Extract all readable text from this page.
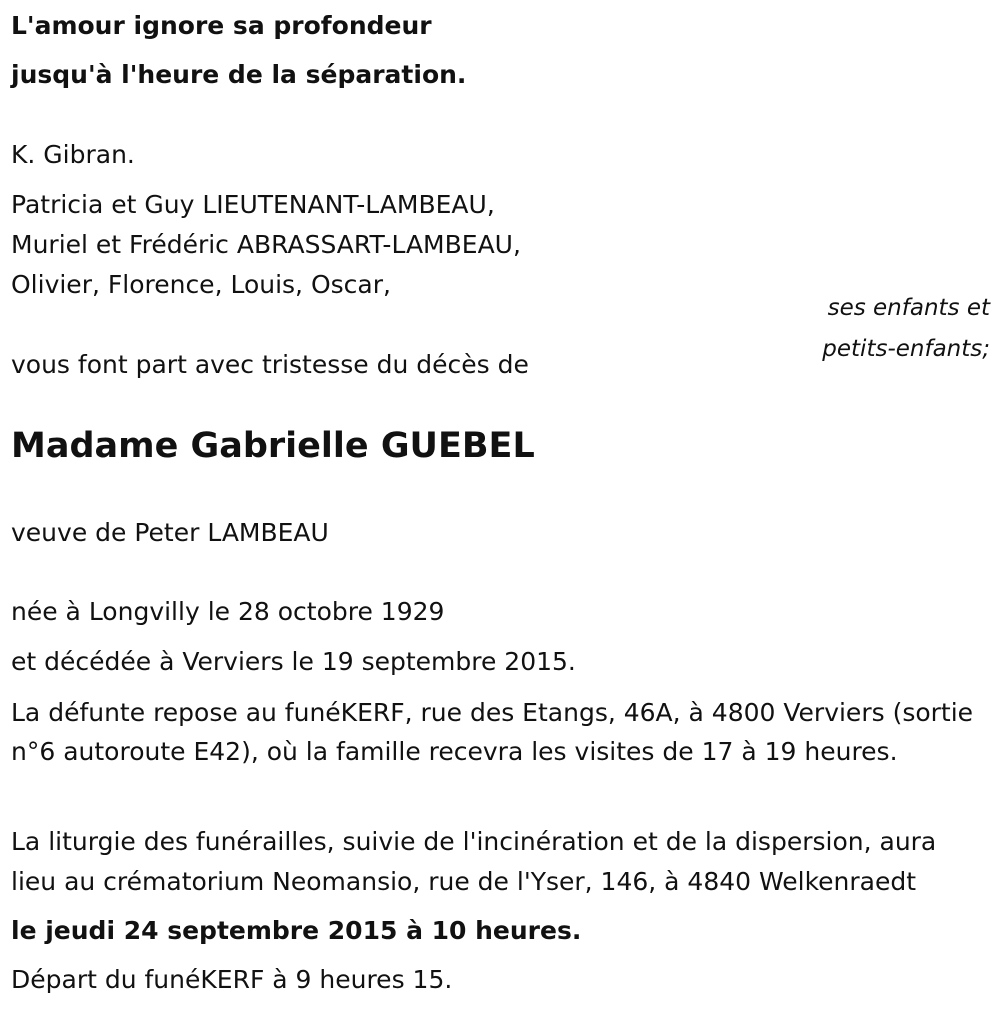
L'amour ignore sa profondeur
jusqu'à l'heure de la séparation.
K. Gibran.
Patricia et Guy LIEUTENANT-LAMBEAU,
Muriel et Frédéric ABRASSART-LAMBEAU,
Olivier, Florence, Louis, Oscar,
ses enfants et
petits-enfants;
vous font part avec tristesse du décès de
Madame Gabrielle GUEBEL
veuve de Peter LAMBEAU
née à Longvilly le 28 octobre 1929
et décédée à Verviers le 19 septembre 2015.
La défunte repose au funéKERF, rue des Etangs, 46A, à 4800 Verviers (sortie n°6 autoroute E42), où la famille recevra les visites de 17 à 19 heures.
La liturgie des funérailles, suivie de l'incinération et de la dispersion, aura
lieu au crématorium Neomansio, rue de l'Yser, 146, à 4840 Welkenraedt
le jeudi 24 septembre 2015 à 10 heures.
Départ du funéKERF à 9 heures 15.
